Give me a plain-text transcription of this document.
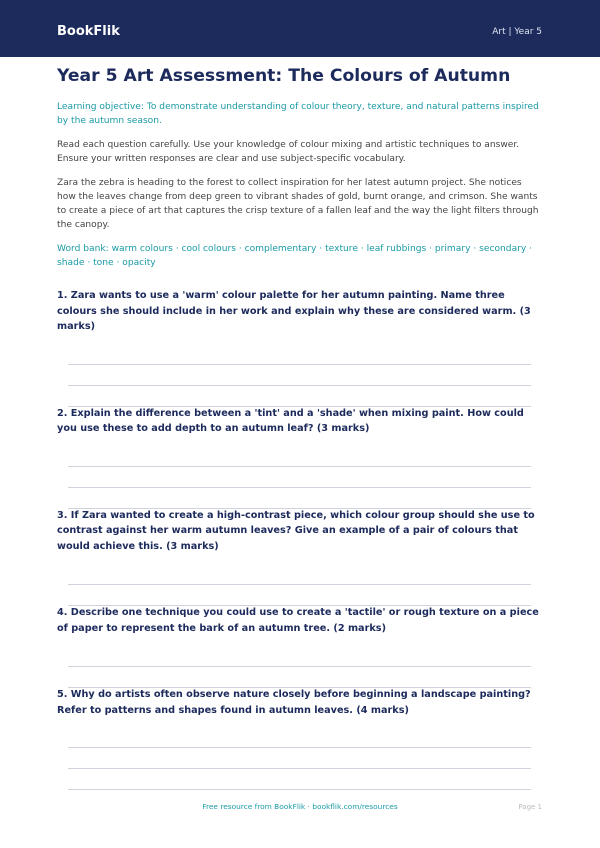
BookFlik	Art | Year 5
Year 5 Art Assessment: The Colours of Autumn
Learning objective: To demonstrate understanding of colour theory, texture, and natural patterns inspired by the autumn season.
Read each question carefully. Use your knowledge of colour mixing and artistic techniques to answer. Ensure your written responses are clear and use subject-specific vocabulary.
Zara the zebra is heading to the forest to collect inspiration for her latest autumn project. She notices how the leaves change from deep green to vibrant shades of gold, burnt orange, and crimson. She wants to create a piece of art that captures the crisp texture of a fallen leaf and the way the light filters through the canopy.
Word bank: warm colours · cool colours · complementary · texture · leaf rubbings · primary · secondary · shade · tone · opacity
1. Zara wants to use a 'warm' colour palette for her autumn painting. Name three colours she should include in her work and explain why these are considered warm. (3 marks)
2. Explain the difference between a 'tint' and a 'shade' when mixing paint. How could you use these to add depth to an autumn leaf? (3 marks)
3. If Zara wanted to create a high-contrast piece, which colour group should she use to contrast against her warm autumn leaves? Give an example of a pair of colours that would achieve this. (3 marks)
4. Describe one technique you could use to create a 'tactile' or rough texture on a piece of paper to represent the bark of an autumn tree. (2 marks)
5. Why do artists often observe nature closely before beginning a landscape painting? Refer to patterns and shapes found in autumn leaves. (4 marks)
Free resource from BookFlik · bookflik.com/resources	Page 1
